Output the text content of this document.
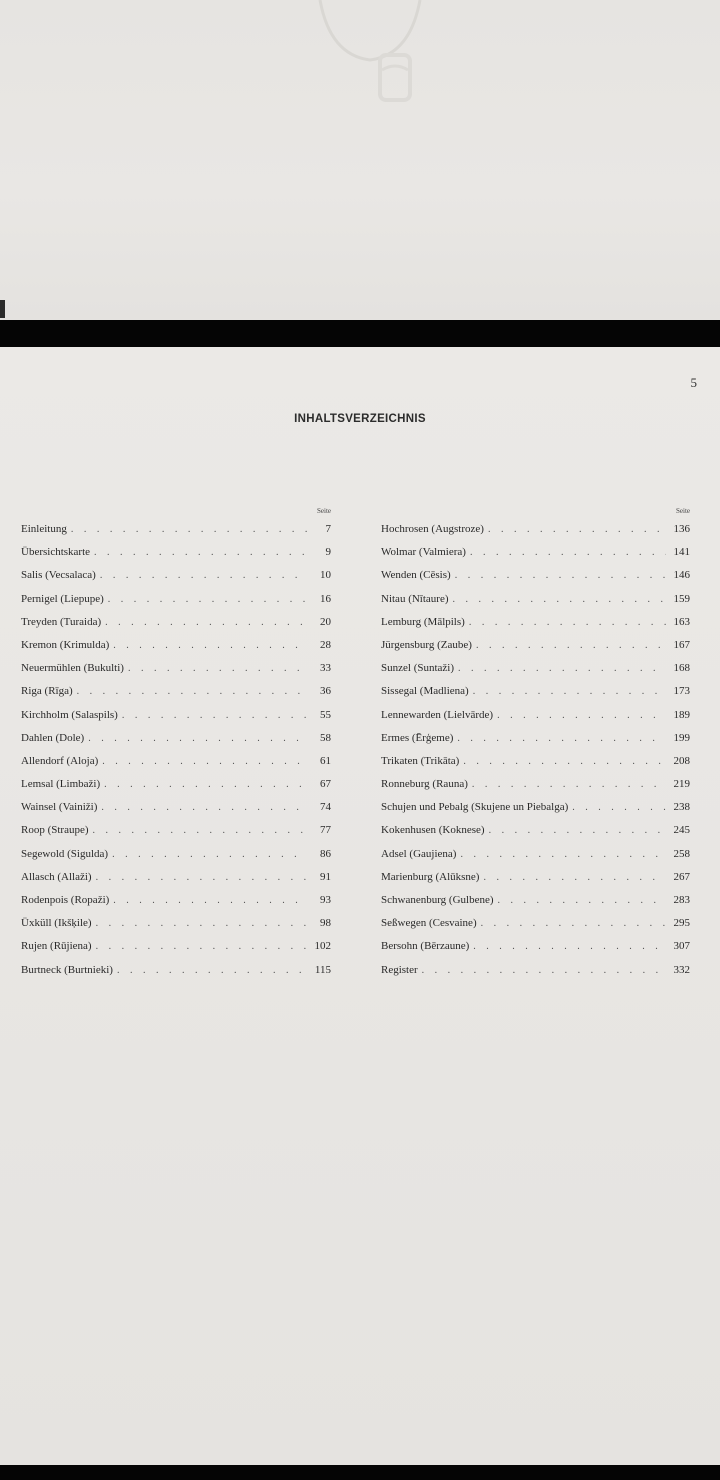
5
INHALTSVERZEICHNIS
Seite
Einleitung . . .	7
Übersichtskarte . . .	9
Salis (Vecsalaca) . . .	10
Pernigel (Liepupe) . . .	16
Treyden (Turaida) . . .	20
Kremon (Krimulda) . . .	28
Neuermühlen (Bukulti) . . .	33
Riga (Rīga) . . .	36
Kirchholm (Salaspils) . . .	55
Dahlen (Dole) . . .	58
Allendorf (Aloja) . . .	61
Lemsal (Limbaži) . . .	67
Wainsel (Vainiži) . . .	74
Roop (Straupe) . . .	77
Segewold (Sigulda) . . .	86
Allasch (Allaži) . . .	91
Rodenpois (Ropaži) . . .	93
Üxküll (Ikšķile) . . .	98
Rujen (Rūjiena) . . .	102
Burtneck (Burtnieki) . . .	115
Seite
Hochrosen (Augstroze) . . .	136
Wolmar (Valmiera) . . .	141
Wenden (Cēsis) . . .	146
Nitau (Nītaure) . . .	159
Lemburg (Mālpils) . . .	163
Jürgensburg (Zaube) . . .	167
Sunzel (Suntaži) . . .	168
Sissegal (Madliena) . . .	173
Lennewarden (Lielvārde) . . .	189
Ermes (Ērģeme) . . .	199
Trikaten (Trikāta) . . .	208
Ronneburg (Rauna) . . .	219
Schujen und Pebalg (Skujene un Piebalga) . . .	238
Kokenhusen (Koknese) . . .	245
Adsel (Gaujiena) . . .	258
Marienburg (Alūksne) . . .	267
Schwanenburg (Gulbene) . . .	283
Seßwegen (Cesvaine) . . .	295
Bersohn (Bērzaune) . . .	307
Register . . .	332
